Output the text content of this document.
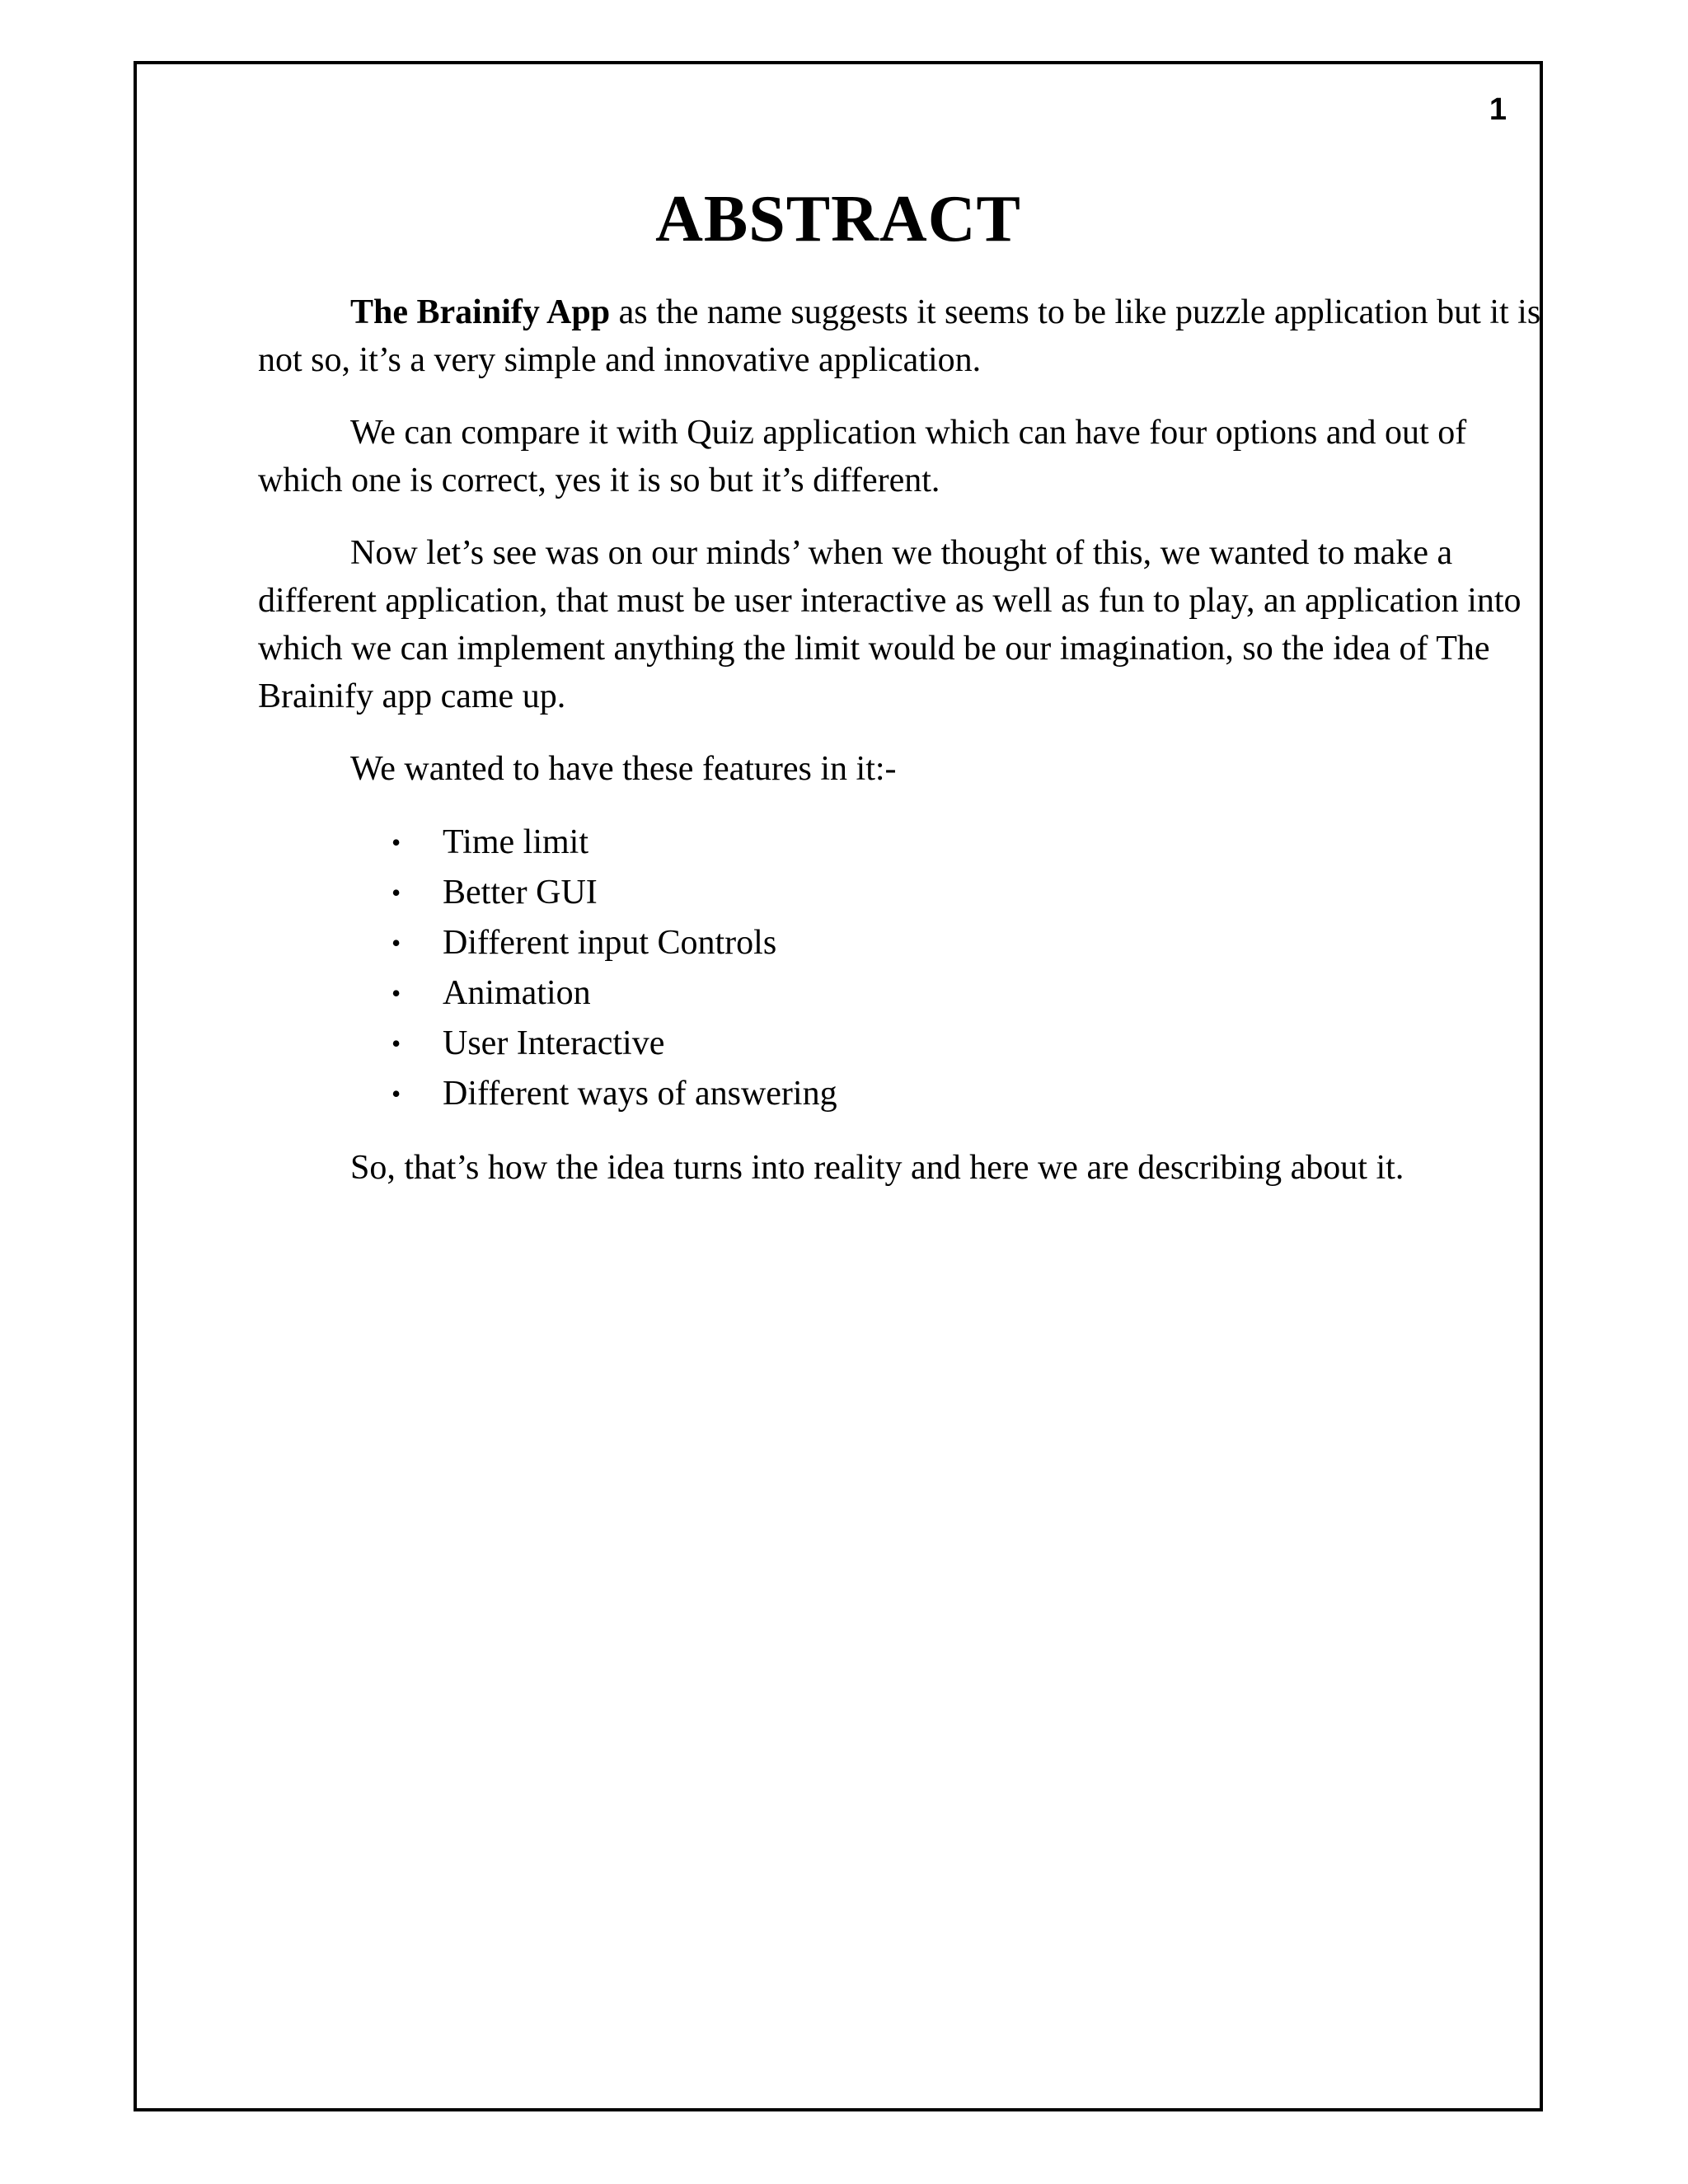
1
ABSTRACT

The Brainify App as the name suggests it seems to be like puzzle application but it is not so, it’s a very simple and innovative application.

We can compare it with Quiz application which can have four options and out of which one is correct, yes it is so but it’s different.

Now let’s see was on our minds’ when we thought of this, we wanted to make a different application, that must be user interactive as well as fun to play, an application into which we can implement anything the limit would be our imagination, so the idea of The Brainify app came up.

We wanted to have these features in it:-

• Time limit
• Better GUI
• Different input Controls
• Animation
• User Interactive
• Different ways of answering

So, that’s how the idea turns into reality and here we are describing about it.
